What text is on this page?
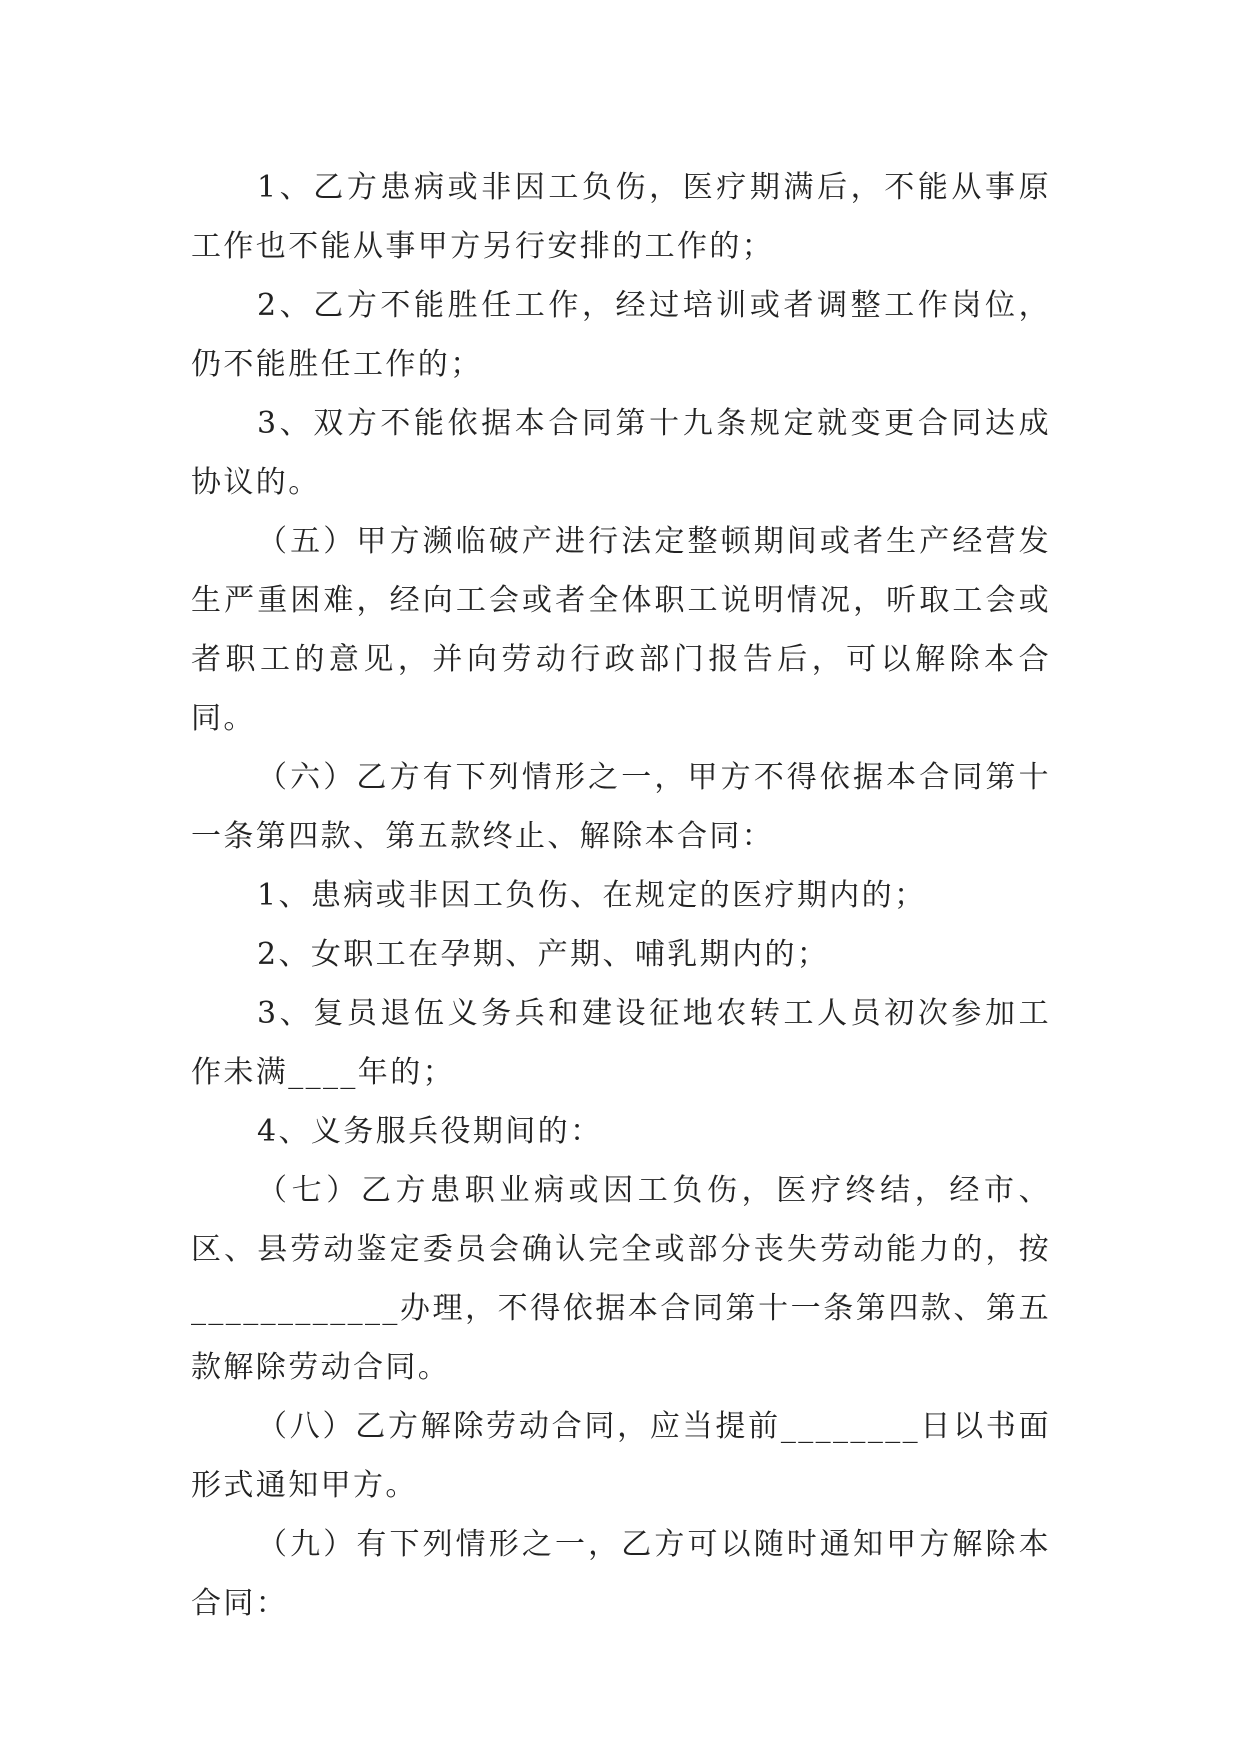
1、乙方患病或非因工负伤，医疗期满后，不能从事原工作也不能从事甲方另行安排的工作的；

2、乙方不能胜任工作，经过培训或者调整工作岗位，仍不能胜任工作的；

3、双方不能依据本合同第十九条规定就变更合同达成协议的。

（五）甲方濒临破产进行法定整顿期间或者生产经营发生严重困难，经向工会或者全体职工说明情况，听取工会或者职工的意见，并向劳动行政部门报告后，可以解除本合同。

（六）乙方有下列情形之一，甲方不得依据本合同第十一条第四款、第五款终止、解除本合同：

1、患病或非因工负伤、在规定的医疗期内的；

2、女职工在孕期、产期、哺乳期内的；

3、复员退伍义务兵和建设征地农转工人员初次参加工作未满____年的；

4、义务服兵役期间的：

（七）乙方患职业病或因工负伤，医疗终结，经市、区、县劳动鉴定委员会确认完全或部分丧失劳动能力的，按____________办理，不得依据本合同第十一条第四款、第五款解除劳动合同。

（八）乙方解除劳动合同，应当提前________日以书面形式通知甲方。

（九）有下列情形之一，乙方可以随时通知甲方解除本合同：
